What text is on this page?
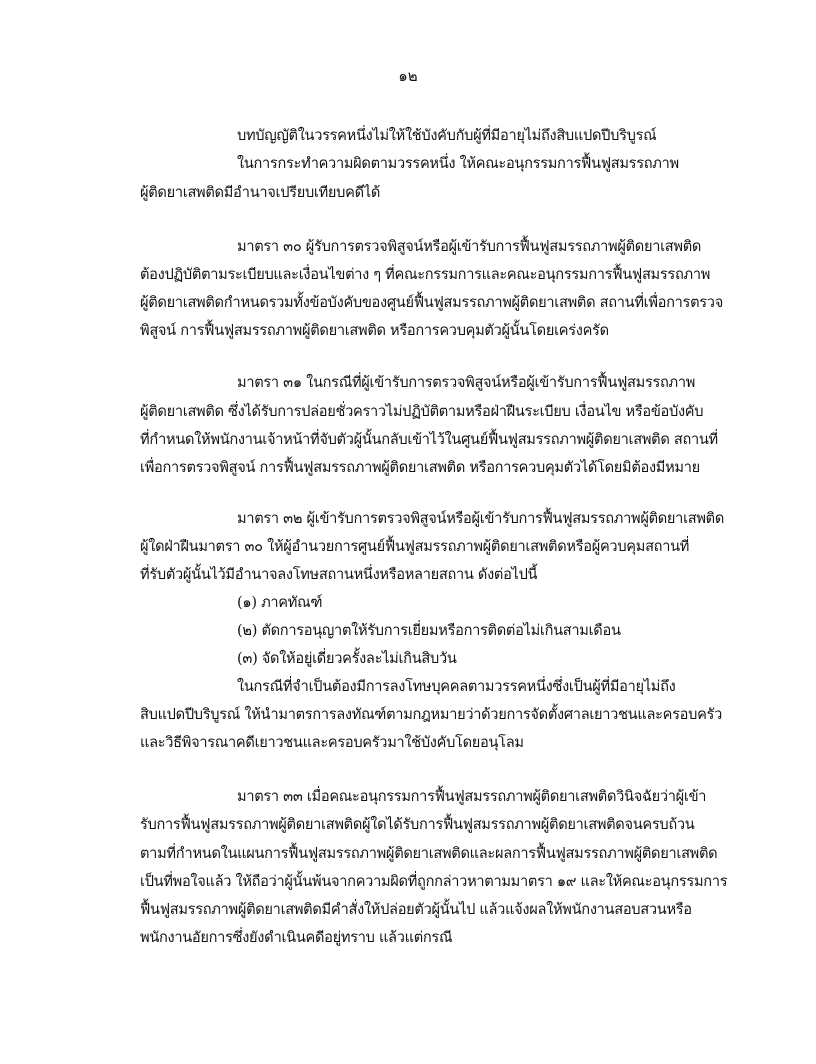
๑๒
บทบัญญัติในวรรคหนึ่งไม่ให้ใช้บังคับกับผู้ที่มีอายุไม่ถึงสิบแปดปีบริบูรณ์
ในการกระทำความผิดตามวรรคหนึ่ง ให้คณะอนุกรรมการฟื้นฟูสมรรถภาพ
ผู้ติดยาเสพติดมีอำนาจเปรียบเทียบคดีได้
มาตรา ๓๐ ผู้รับการตรวจพิสูจน์หรือผู้เข้ารับการฟื้นฟูสมรรถภาพผู้ติดยาเสพติด
ต้องปฏิบัติตามระเบียบและเงื่อนไขต่าง ๆ ที่คณะกรรมการและคณะอนุกรรมการฟื้นฟูสมรรถภาพ
ผู้ติดยาเสพติดกำหนดรวมทั้งข้อบังคับของศูนย์ฟื้นฟูสมรรถภาพผู้ติดยาเสพติด สถานที่เพื่อการตรวจ
พิสูจน์ การฟื้นฟูสมรรถภาพผู้ติดยาเสพติด หรือการควบคุมตัวผู้นั้นโดยเคร่งครัด
มาตรา ๓๑ ในกรณีที่ผู้เข้ารับการตรวจพิสูจน์หรือผู้เข้ารับการฟื้นฟูสมรรถภาพ
ผู้ติดยาเสพติด ซึ่งได้รับการปล่อยชั่วคราวไม่ปฏิบัติตามหรือฝ่าฝืนระเบียบ เงื่อนไข หรือข้อบังคับ
ที่กำหนดให้พนักงานเจ้าหน้าที่จับตัวผู้นั้นกลับเข้าไว้ในศูนย์ฟื้นฟูสมรรถภาพผู้ติดยาเสพติด สถานที่
เพื่อการตรวจพิสูจน์ การฟื้นฟูสมรรถภาพผู้ติดยาเสพติด หรือการควบคุมตัวได้โดยมิต้องมีหมาย
มาตรา ๓๒ ผู้เข้ารับการตรวจพิสูจน์หรือผู้เข้ารับการฟื้นฟูสมรรถภาพผู้ติดยาเสพติด
ผู้ใดฝ่าฝืนมาตรา ๓๐ ให้ผู้อำนวยการศูนย์ฟื้นฟูสมรรถภาพผู้ติดยาเสพติดหรือผู้ควบคุมสถานที่
ที่รับตัวผู้นั้นไว้มีอำนาจลงโทษสถานหนึ่งหรือหลายสถาน ดังต่อไปนี้
(๑) ภาคทัณฑ์
(๒) ตัดการอนุญาตให้รับการเยี่ยมหรือการติดต่อไม่เกินสามเดือน
(๓) จัดให้อยู่เดี่ยวครั้งละไม่เกินสิบวัน
ในกรณีที่จำเป็นต้องมีการลงโทษบุคคลตามวรรคหนึ่งซึ่งเป็นผู้ที่มีอายุไม่ถึง
สิบแปดปีบริบูรณ์ ให้นำมาตรการลงทัณฑ์ตามกฎหมายว่าด้วยการจัดตั้งศาลเยาวชนและครอบครัว
และวิธีพิจารณาคดีเยาวชนและครอบครัวมาใช้บังคับโดยอนุโลม
มาตรา ๓๓ เมื่อคณะอนุกรรมการฟื้นฟูสมรรถภาพผู้ติดยาเสพติดวินิจฉัยว่าผู้เข้า
รับการฟื้นฟูสมรรถภาพผู้ติดยาเสพติดผู้ใดได้รับการฟื้นฟูสมรรถภาพผู้ติดยาเสพติดจนครบถ้วน
ตามที่กำหนดในแผนการฟื้นฟูสมรรถภาพผู้ติดยาเสพติดและผลการฟื้นฟูสมรรถภาพผู้ติดยาเสพติด
เป็นที่พอใจแล้ว ให้ถือว่าผู้นั้นพ้นจากความผิดที่ถูกกล่าวหาตามมาตรา ๑๙ และให้คณะอนุกรรมการ
ฟื้นฟูสมรรถภาพผู้ติดยาเสพติดมีคำสั่งให้ปล่อยตัวผู้นั้นไป แล้วแจ้งผลให้พนักงานสอบสวนหรือ
พนักงานอัยการซึ่งยังดำเนินคดีอยู่ทราบ แล้วแต่กรณี
